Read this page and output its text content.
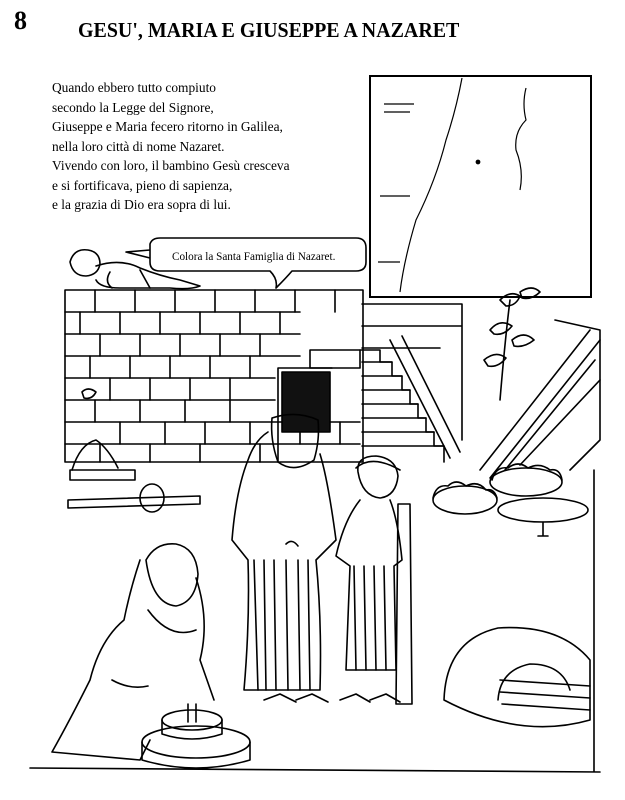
8 GESU', MARIA E GIUSEPPE A NAZARET
Quando ebbero tutto compiuto
secondo la Legge del Signore,
Giuseppe e Maria fecero ritorno in Galilea,
nella loro città di nome Nazaret.
Vivendo con loro, il bambino Gesù cresceva
e si fortificava, pieno di sapienza,
e la grazia di Dio era sopra di lui.
Colora la Santa Famiglia di Nazaret.
